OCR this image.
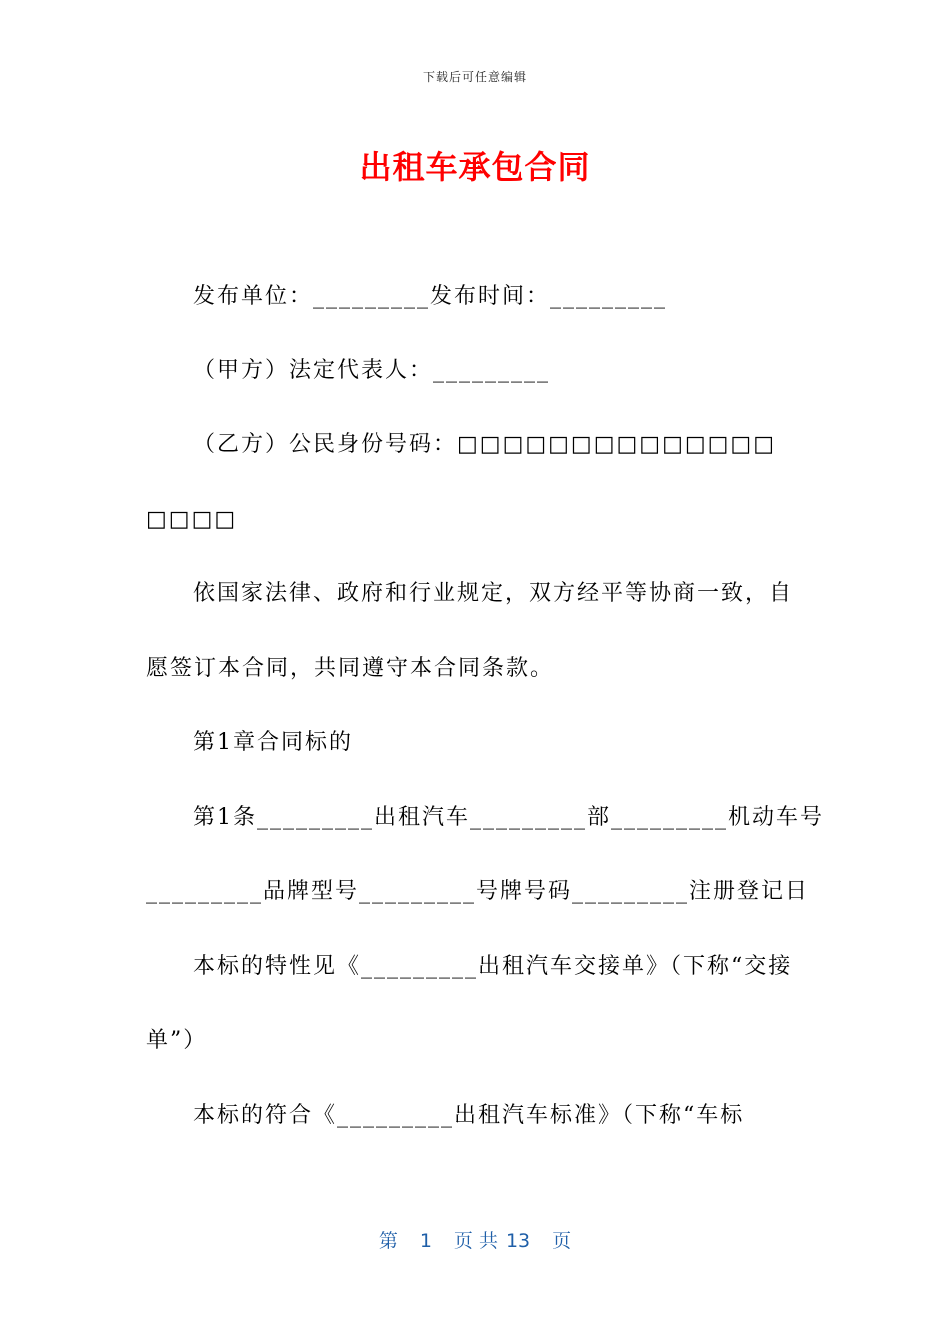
下载后可任意编辑
出租车承包合同
发布单位：_________发布时间：_________
（甲方）法定代表人：_________
（乙方）公民身份号码：□□□□□□□□□□□□□□
□□□□
依国家法律、政府和行业规定，双方经平等协商一致，自
愿签订本合同，共同遵守本合同条款。
第1章合同标的
第1条_________出租汽车_________部_________机动车号
_________品牌型号_________号牌号码_________注册登记日
本标的特性见《_________出租汽车交接单》（下称“交接
单”）
本标的符合《_________出租汽车标准》（下称“车标
第 1 页 共 13 页
